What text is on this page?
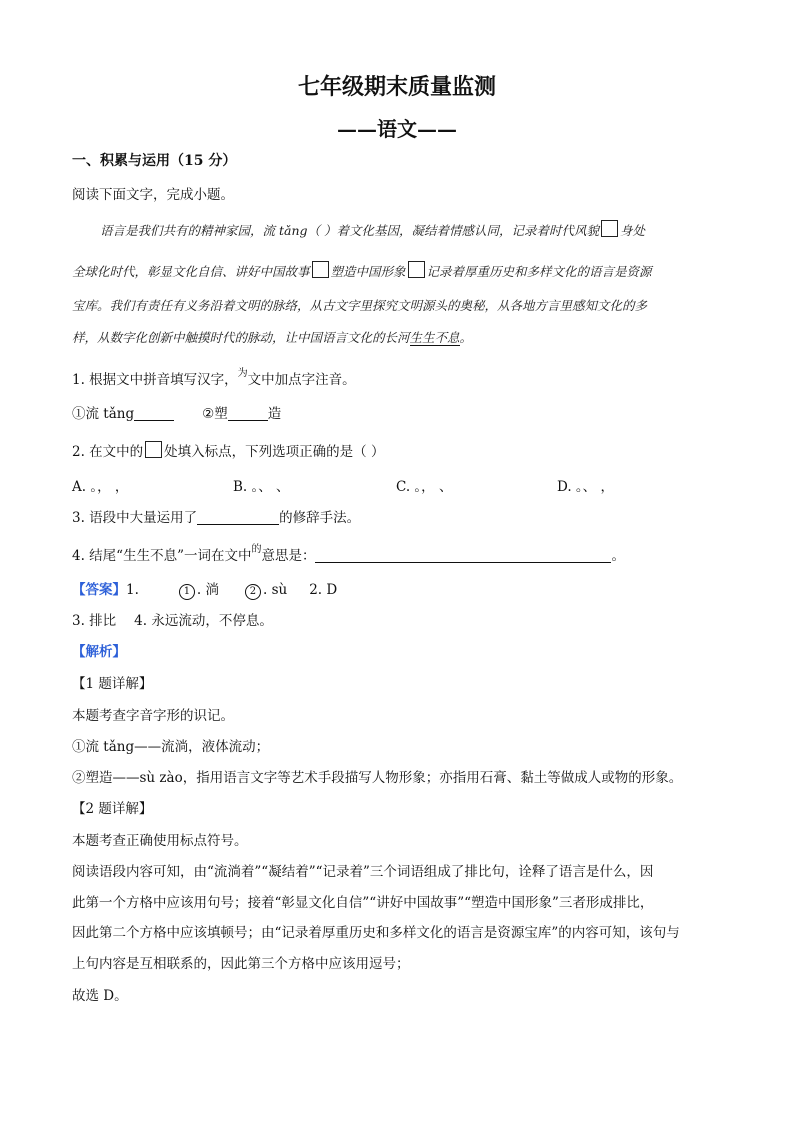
七年级期末质量监测
——语文——
一、积累与运用（15 分）
阅读下面文字，完成小题。
语言是我们共有的精神家园，流 tǎng（ ）着文化基因，凝结着情感认同，记录着时代风貌 身处
全球化时代，彰显文化自信、讲好中国故事 塑造中国形象 记录着厚重历史和多样文化的语言是资源
宝库。我们有责任有义务沿着文明的脉络，从古文字里探究文明源头的奥秘，从各地方言里感知文化的多
样，从数字化创新中触摸时代的脉动，让中国语言文化的长河生生不息。
1. 根据文中拼音填写汉字，$^为$文中加点字注音。
①流 tǎng	②塑	造
2. 在文中的 处填入标点，下列选项正确的是（ ）
A. 。， ，	B. 。、 、	C. 。， 、	D. 。、 ，
3. 语段中大量运用了	的修辞手法。
4. 结尾“生生不息”一词在文中$^的$意思是：	。
【答案】1.	1 . 淌	2 . sù 2. D
3. 排比 4. 永远流动，不停息。
【解析】
【1 题详解】
本题考查字音字形的识记。
①流 tǎng——流淌，液体流动；
②塑造——sù zào，指用语言文字等艺术手段描写人物形象；亦指用石膏、黏土等做成人或物的形象。
【2 题详解】
本题考查正确使用标点符号。
阅读语段内容可知，由“流淌着”“凝结着”“记录着”三个词语组成了排比句，诠释了语言是什么，因
此第一个方格中应该用句号；接着“彰显文化自信”“讲好中国故事”“塑造中国形象”三者形成排比，
因此第二个方格中应该填顿号；由“记录着厚重历史和多样文化的语言是资源宝库”的内容可知，该句与
上句内容是互相联系的，因此第三个方格中应该用逗号；
故选 D。
